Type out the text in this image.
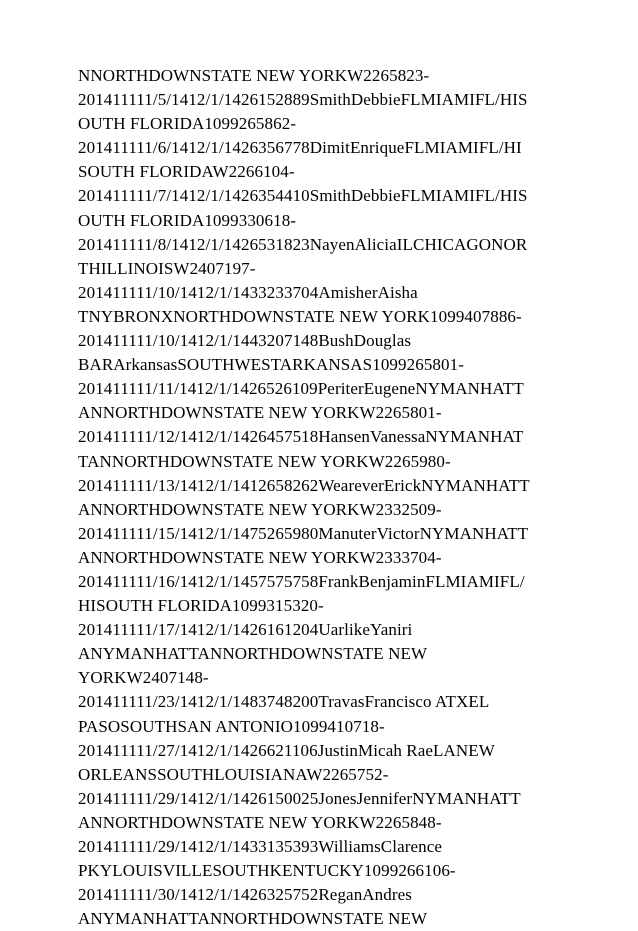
NNORTHDOWNSTATE NEW YORKW2265823-
201411111/5/1412/1/1426152889SmithDebbieFLMIAMIFL/HIS
OUTH FLORIDA1099265862-
201411111/6/1412/1/1426356778DimitEnriqueFLMIAMIFL/HI
SOUTH FLORIDAW2266104-
201411111/7/1412/1/1426354410SmithDebbieFLMIAMIFL/HIS
OUTH FLORIDA1099330618-
201411111/8/1412/1/1426531823NayenAliciaILCHICAGONOR
THILLINOISW2407197-
201411111/10/1412/1/1433233704AmisherAisha
TNYBRONXNORTHDOWNSTATE NEW YORK1099407886-
201411111/10/1412/1/1443207148BushDouglas
BARArkansasSOUTHWESTARKANSAS1099265801-
201411111/11/1412/1/1426526109PeriterEugeneNYMANHATT
ANNORTHDOWNSTATE NEW YORKW2265801-
201411111/12/1412/1/1426457518HansenVanessaNYMANHAT
TANNORTHDOWNSTATE NEW YORKW2265980-
201411111/13/1412/1/1412658262WeareverErickNYMANHATT
ANNORTHDOWNSTATE NEW YORKW2332509-
201411111/15/1412/1/1475265980ManuterVictorNYMANHATT
ANNORTHDOWNSTATE NEW YORKW2333704-
201411111/16/1412/1/1457575758FrankBenjaminFLMIAMIFL/
HISOUTH FLORIDA1099315320-
201411111/17/1412/1/1426161204UarlikeYaniri
ANYMANHATTANNORTHDOWNSTATE NEW
YORKW2407148-
201411111/23/1412/1/1483748200TravasFrancisco ATXEL
PASOSOUTHSAN ANTONIO1099410718-
201411111/27/1412/1/1426621106JustinMicah RaeLANEW
ORLEANSSOUTHLOUISIANAW2265752-
201411111/29/1412/1/1426150025JonesJenniferNYMANHATT
ANNORTHDOWNSTATE NEW YORKW2265848-
201411111/29/1412/1/1433135393WilliamsClarence
PKYLOUISVILLESOUTHKENTUCKY1099266106-
201411111/30/1412/1/1426325752ReganAndres
ANYMANHATTANNORTHDOWNSTATE NEW
